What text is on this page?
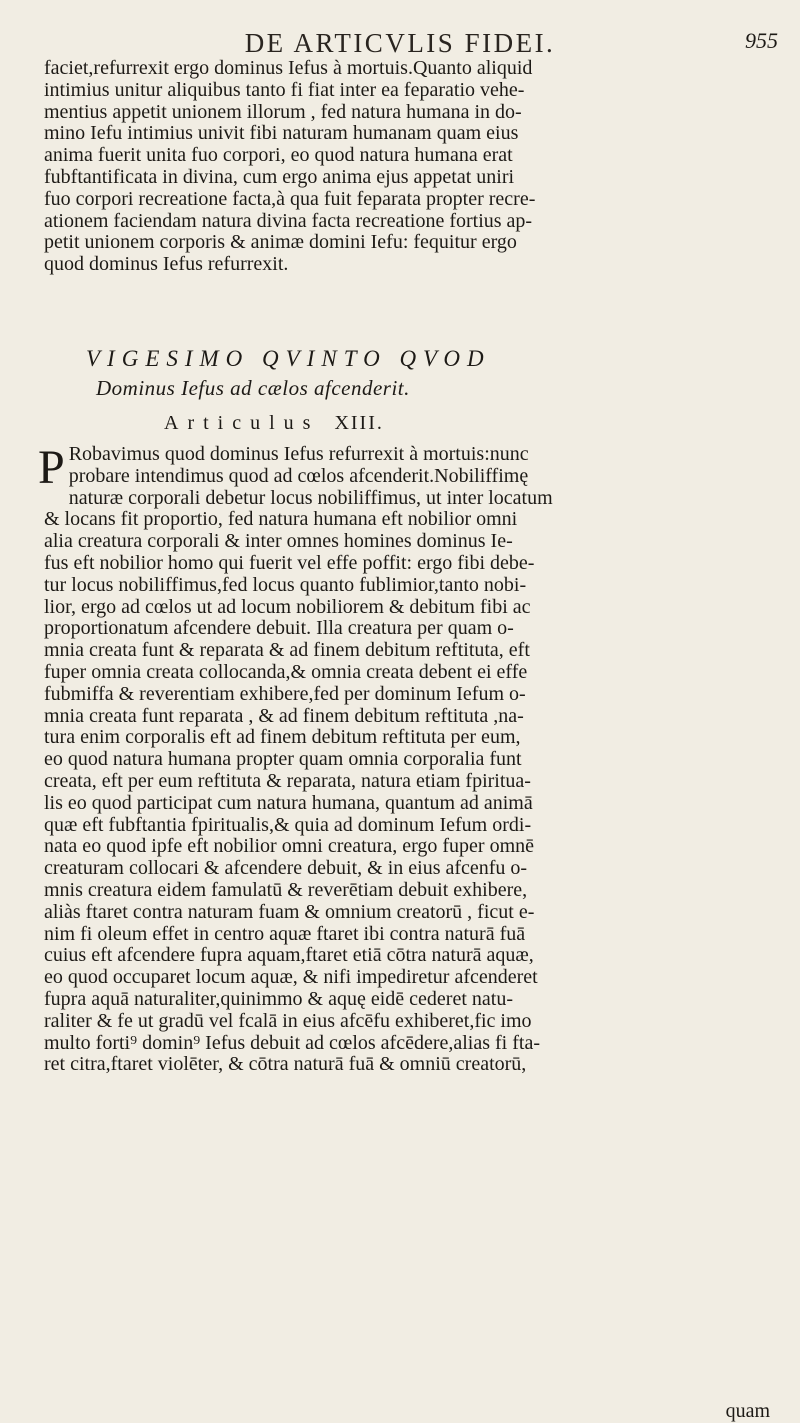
DE ARTICVLIS FIDEI.	955
faciet,refurrexit ergo dominus Iefus à mortuis.Quanto aliquid
intimius unitur aliquibus tanto fi fiat inter ea feparatio vehe-
mentius appetit unionem illorum , fed natura humana in do-
mino Iefu intimius univit fibi naturam humanam quam eius
anima fuerit unita fuo corpori, eo quod natura humana erat
fubftantificata in divina, cum ergo anima ejus appetat uniri
fuo corpori recreatione facta,à qua fuit feparata propter recre-
ationem faciendam natura divina facta recreatione fortius ap-
petit unionem corporis & animæ domini Iefu: fequitur ergo
quod dominus Iefus refurrexit.
VIGESIMO QVINTO QVOD
Dominus Iefus ad cælos afcenderit.
Articulus XIII.
P Robavimus quod dominus Iefus refurrexit à mortuis:nunc
probare intendimus quod ad cœlos afcenderit.Nobiliffimę
naturæ corporali debetur locus nobiliffimus, ut inter locatum
& locans fit proportio, fed natura humana eft nobilior omni
alia creatura corporali & inter omnes homines dominus Ie-
fus eft nobilior homo qui fuerit vel effe poffit: ergo fibi debe-
tur locus nobiliffimus,fed locus quanto fublimior,tanto nobi-
lior, ergo ad cœlos ut ad locum nobiliorem & debitum fibi ac
proportionatum afcendere debuit. Illa creatura per quam o-
mnia creata funt & reparata & ad finem debitum reftituta, eft
fuper omnia creata collocanda,& omnia creata debent ei effe
fubmiffa & reverentiam exhibere,fed per dominum Iefum o-
mnia creata funt reparata , & ad finem debitum reftituta ,na-
tura enim corporalis eft ad finem debitum reftituta per eum,
eo quod natura humana propter quam omnia corporalia funt
creata, eft per eum reftituta & reparata, natura etiam fpiritua-
lis eo quod participat cum natura humana, quantum ad animā
quæ eft fubftantia fpiritualis,& quia ad dominum Iefum ordi-
nata eo quod ipfe eft nobilior omni creatura, ergo fuper omnē
creaturam collocari & afcendere debuit, & in eius afcenfu o-
mnis creatura eidem famulatū & reverētiam debuit exhibere,
aliàs ftaret contra naturam fuam & omnium creatorū , ficut e-
nim fi oleum effet in centro aquæ ftaret ibi contra naturā fuā
cuius eft afcendere fupra aquam,ftaret etiā cōtra naturā aquæ,
eo quod occuparet locum aquæ, & nifi impediretur afcenderet
fupra aquā naturaliter,quinimmo & aquę eidē cederet natu-
raliter & fe ut gradū vel fcalā in eius afcēfu exhiberet,fic imo
multo forti⁹ domin⁹ Iefus debuit ad cœlos afcēdere,alias fi fta-
ret citra,ftaret violēter, & cōtra naturā fuā & omniū creatorū,
quam
